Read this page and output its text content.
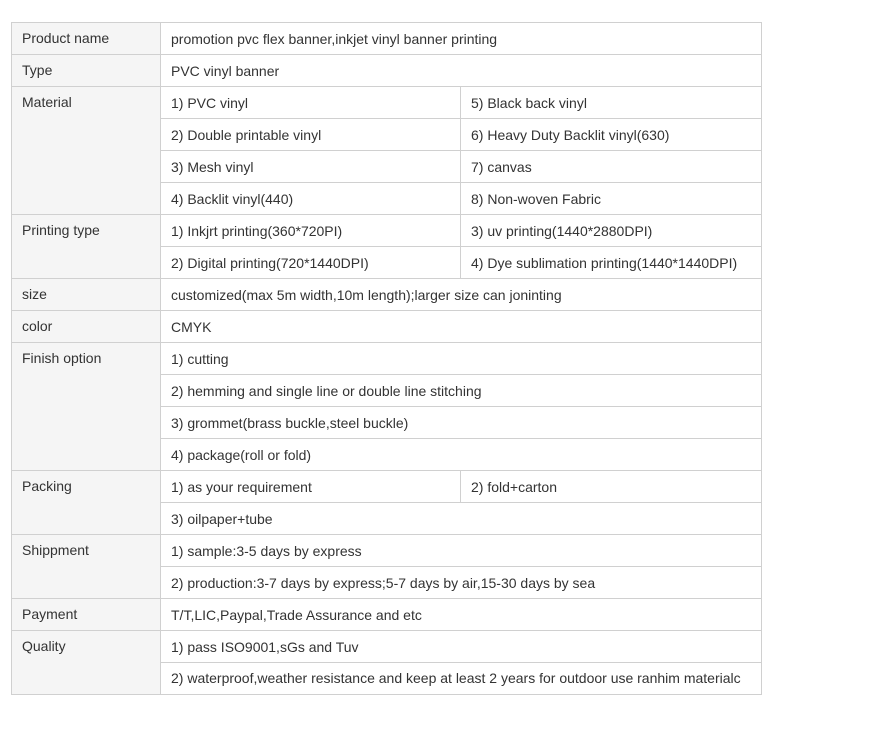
Product name	promotion pvc flex banner,inkjet vinyl banner printing	
Type	PVC vinyl banner	
Material	1) PVC vinyl	5) Black back vinyl
	2) Double printable vinyl	6) Heavy Duty Backlit vinyl(630)
	3) Mesh vinyl	7) canvas
	4) Backlit vinyl(440)	8) Non-woven Fabric
Printing type	1) Inkjrt printing(360*720PI)	3) uv printing(1440*2880DPI)
	2) Digital printing(720*1440DPI)	4) Dye sublimation printing(1440*1440DPI)
size	customized(max 5m width,10m length);larger size can joninting	
color	CMYK	
Finish option	1) cutting	
	2) hemming and single line or double line stitching	
	3) grommet(brass buckle,steel buckle)	
	4) package(roll or fold)	
Packing	1) as your requirement	2) fold+carton
	3) oilpaper+tube	
Shippment	1) sample:3-5 days by express	
	2) production:3-7 days by express;5-7 days by air,15-30 days by sea	
Payment	T/T,LIC,Paypal,Trade Assurance and etc	
Quality	1) pass ISO9001,sGs and Tuv	
	2) waterproof,weather resistance and keep at least 2 years for outdoor use ranhim materialc	
